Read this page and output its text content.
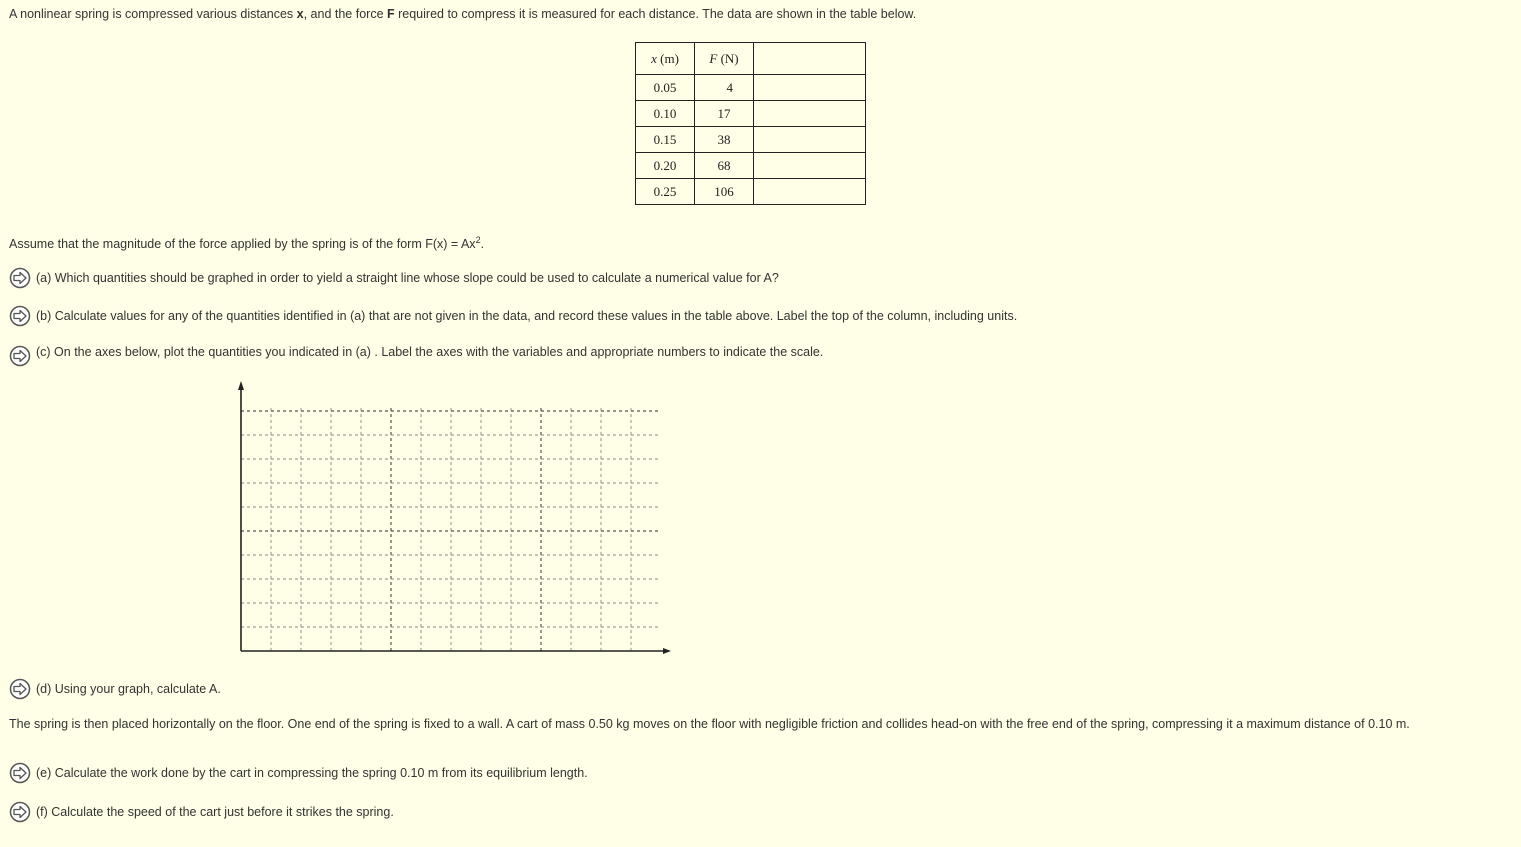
A nonlinear spring is compressed various distances x, and the force F required to compress it is measured for each distance. The data are shown in the table below.
x (m)	F (N)	
0.05	4	
0.10	17	
0.15	38	
0.20	68	
0.25	106	
Assume that the magnitude of the force applied by the spring is of the form $F(x) = Ax^2$.
(a) Which quantities should be graphed in order to yield a straight line whose slope could be used to calculate a numerical value for A?
(b) Calculate values for any of the quantities identified in (a) that are not given in the data, and record these values in the table above. Label the top of the column, including units.
(c) On the axes below, plot the quantities you indicated in (a) . Label the axes with the variables and appropriate numbers to indicate the scale.
(d) Using your graph, calculate A.
The spring is then placed horizontally on the floor. One end of the spring is fixed to a wall. A cart of mass 0.50 kg moves on the floor with negligible friction and collides head-on with the free end of the spring, compressing it a maximum distance of 0.10 m.
(e) Calculate the work done by the cart in compressing the spring 0.10 m from its equilibrium length.
(f) Calculate the speed of the cart just before it strikes the spring.
